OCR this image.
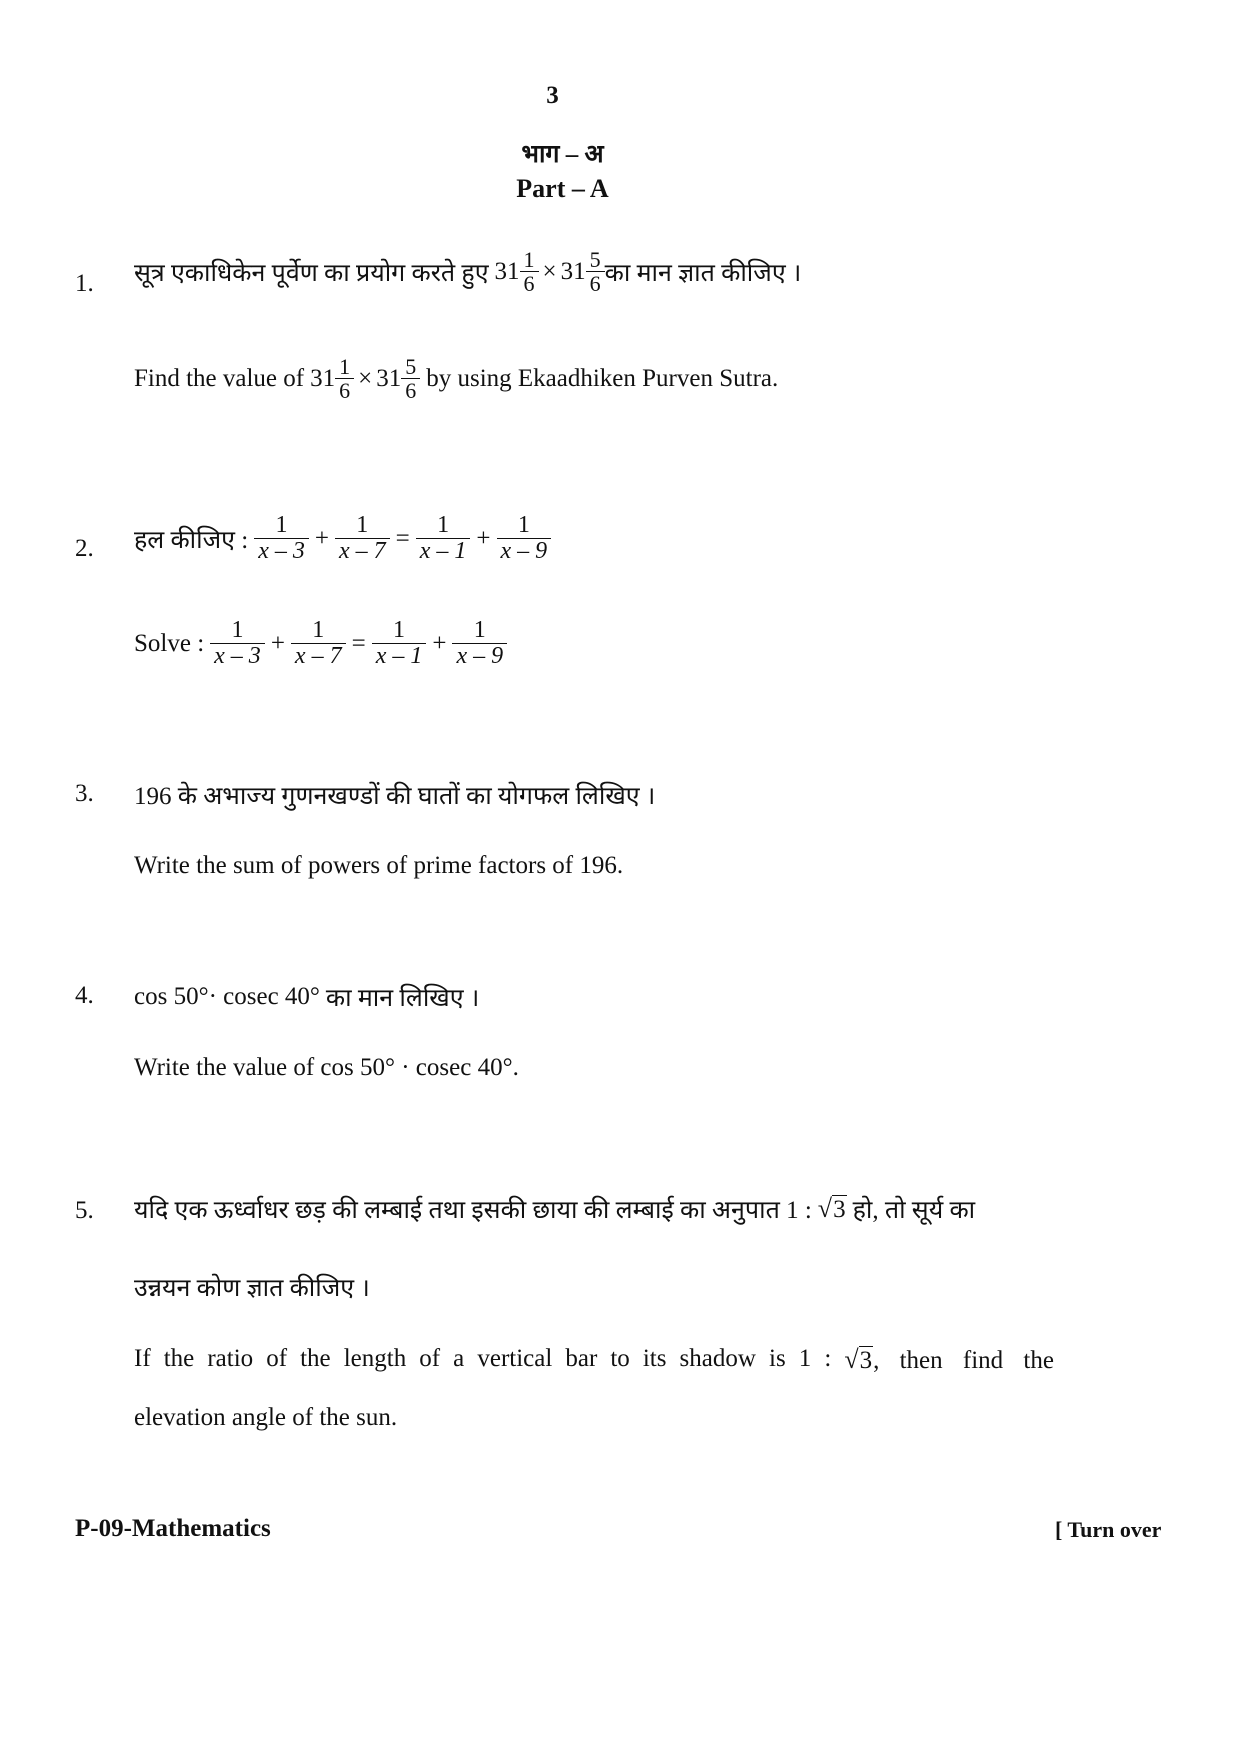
3
भाग – अ
Part – A
1. सूत्र एकाधिकेन पूर्वेण का प्रयोग करते हुए $31 \frac{1}{6} \times 31 \frac{5}{6}$ का मान ज्ञात कीजिए ।
Find the value of $31 \frac{1}{6} \times 31 \frac{5}{6}$ by using Ekaadhiken Purven Sutra.
2. हल कीजिए : $\frac{1}{x - 3} + \frac{1}{x - 7} = \frac{1}{x - 1} + \frac{1}{x - 9}$
Solve : $\frac{1}{x - 3} + \frac{1}{x - 7} = \frac{1}{x - 1} + \frac{1}{x - 9}$
3. 196 के अभाज्य गुणनखण्डों की घातों का योगफल लिखिए ।
Write the sum of powers of prime factors of 196.
4. cos 50°· cosec 40° का मान लिखिए ।
Write the value of cos 50° · cosec 40°.
5. यदि एक ऊर्ध्वाधर छड़ की लम्बाई तथा इसकी छाया की लम्बाई का अनुपात 1 : √ 3 हो, तो सूर्य का
उन्नयन कोण ज्ञात कीजिए ।
If the ratio of the length of a vertical bar to its shadow is 1 : √ 3 , then find the
elevation angle of the sun.
P-09-Mathematics	[ Turn over
